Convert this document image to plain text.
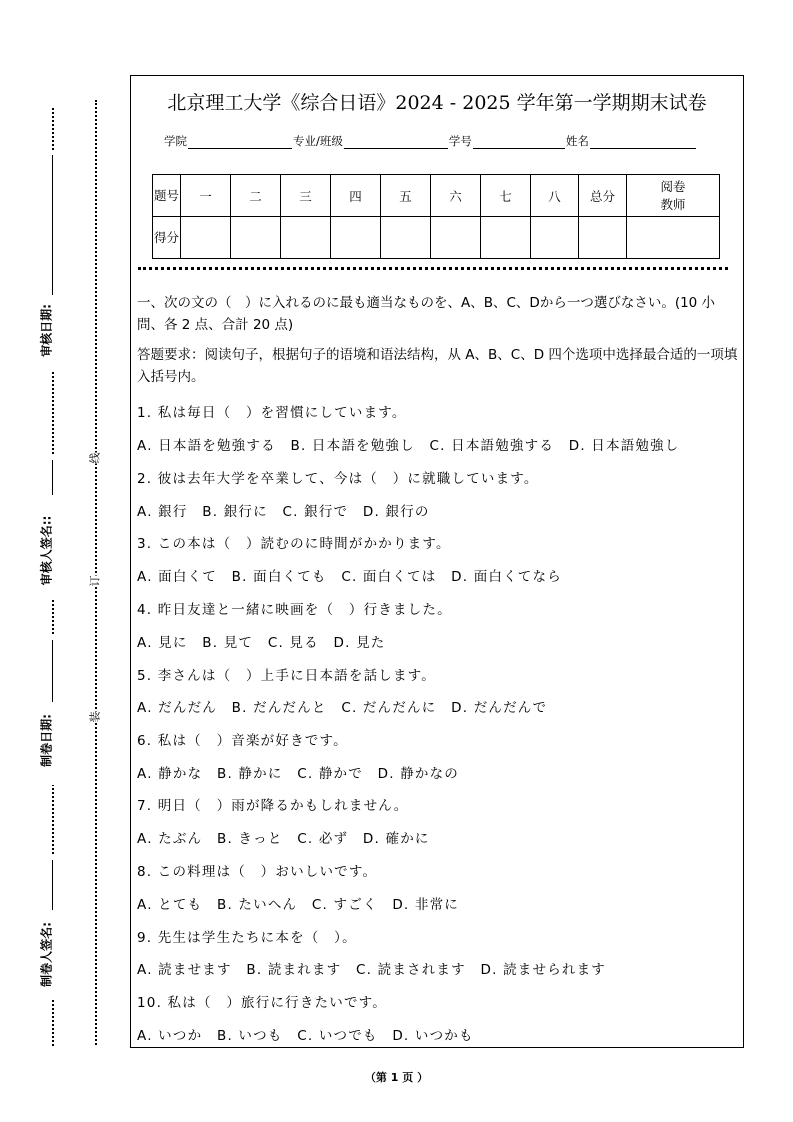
审核日期:
审核人签名::
制卷日期:
制卷人签名:
线
订
装
北京理工大学《综合日语》2024 - 2025 学年第一学期期末试卷
学院	专业/班级	学号	姓名
题号	一	二	三	四	五	六	七	八	总分	阅卷教师
得分										
一、次の文の（　）に入れるのに最も適当なものを、A、B、C、Dから一つ選びなさい。(10 小問、各 2 点、合計 20 点)
答题要求：阅读句子，根据句子的语境和语法结构，从 A、B、C、D 四个选项中选择最合适的一项填入括号内。
1. 私は毎日（　）を習慣にしています。
A. 日本語を勉強する　B. 日本語を勉強し　C. 日本語勉強する　D. 日本語勉強し
2. 彼は去年大学を卒業して、今は（　）に就職しています。
A. 銀行　B. 銀行に　C. 銀行で　D. 銀行の
3. この本は（　）読むのに時間がかかります。
A. 面白くて　B. 面白くても　C. 面白くては　D. 面白くてなら
4. 昨日友達と一緒に映画を（　）行きました。
A. 見に　B. 見て　C. 見る　D. 見た
5. 李さんは（　）上手に日本語を話します。
A. だんだん　B. だんだんと　C. だんだんに　D. だんだんで
6. 私は（　）音楽が好きです。
A. 静かな　B. 静かに　C. 静かで　D. 静かなの
7. 明日（　）雨が降るかもしれません。
A. たぶん　B. きっと　C. 必ず　D. 確かに
8. この料理は（　）おいしいです。
A. とても　B. たいへん　C. すごく　D. 非常に
9. 先生は学生たちに本を（　）。
A. 読ませます　B. 読まれます　C. 読まされます　D. 読ませられます
10. 私は（　）旅行に行きたいです。
A. いつか　B. いつも　C. いつでも　D. いつかも
（第 1 页 ）
